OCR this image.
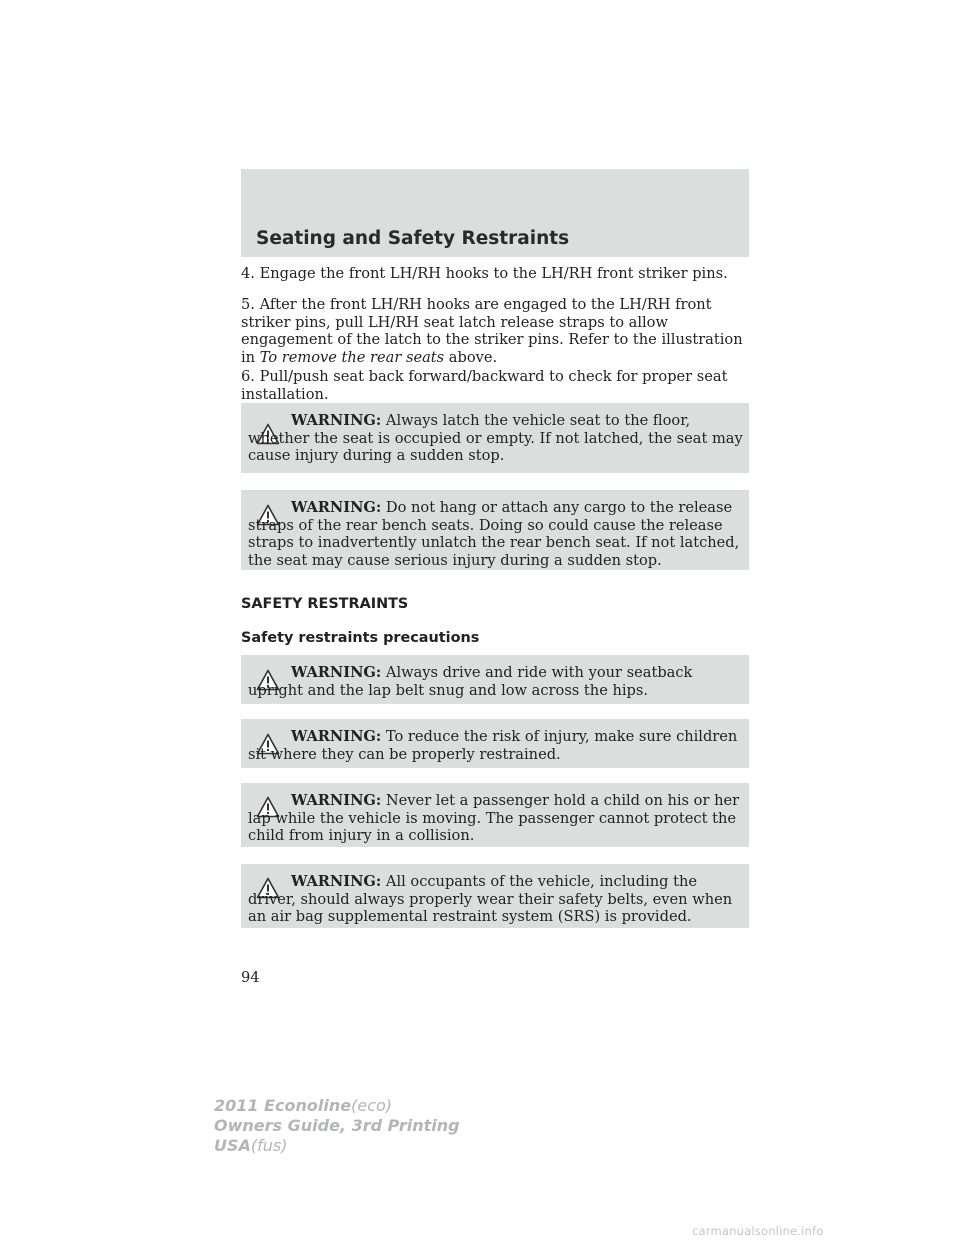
Seating and Safety Restraints

4. Engage the front LH/RH hooks to the LH/RH front striker pins.

5. After the front LH/RH hooks are engaged to the LH/RH front striker pins, pull LH/RH seat latch release straps to allow engagement of the latch to the striker pins. Refer to the illustration in To remove the rear seats above.

6. Pull/push seat back forward/backward to check for proper seat installation.

WARNING: Always latch the vehicle seat to the floor, whether the seat is occupied or empty. If not latched, the seat may cause injury during a sudden stop.

WARNING: Do not hang or attach any cargo to the release straps of the rear bench seats. Doing so could cause the release straps to inadvertently unlatch the rear bench seat. If not latched, the seat may cause serious injury during a sudden stop.

SAFETY RESTRAINTS
Safety restraints precautions

WARNING: Always drive and ride with your seatback upright and the lap belt snug and low across the hips.

WARNING: To reduce the risk of injury, make sure children sit where they can be properly restrained.

WARNING: Never let a passenger hold a child on his or her lap while the vehicle is moving. The passenger cannot protect the child from injury in a collision.

WARNING: All occupants of the vehicle, including the driver, should always properly wear their safety belts, even when an air bag supplemental restraint system (SRS) is provided.

94
2011 Econoline(eco)
Owners Guide, 3rd Printing
USA(fus)
carmanualsonline.info
